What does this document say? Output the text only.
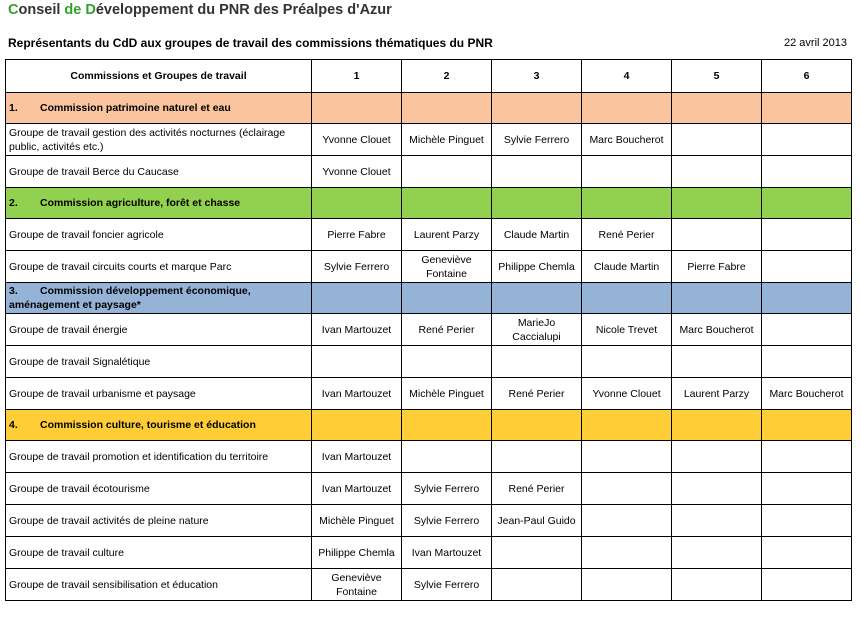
Conseil de Développement du PNR des Préalpes d'Azur
Représentants du CdD aux groupes de travail des commissions thématiques du PNR	22 avril 2013
Commissions et Groupes de travail	1	2	3	4	5	6
1. Commission patrimoine naturel et eau						
Groupe de travail gestion des activités nocturnes (éclairage public, activités etc.)	Yvonne Clouet	Michèle Pinguet	Sylvie Ferrero	Marc Boucherot		
Groupe de travail Berce du Caucase	Yvonne Clouet					
2. Commission agriculture, forêt et chasse						
Groupe de travail foncier agricole	Pierre Fabre	Laurent Parzy	Claude Martin	René Perier		
Groupe de travail circuits courts et marque Parc	Sylvie Ferrero	Geneviève Fontaine	Philippe Chemla	Claude Martin	Pierre Fabre	
3. Commission développement économique, aménagement et paysage*						
Groupe de travail énergie	Ivan Martouzet	René Perier	MarieJo Caccialupi	Nicole Trevet	Marc Boucherot	
Groupe de travail Signalétique						
Groupe de travail urbanisme et paysage	Ivan Martouzet	Michèle Pinguet	René Perier	Yvonne Clouet	Laurent Parzy	Marc Boucherot
4. Commission culture, tourisme et éducation						
Groupe de travail promotion et identification du territoire	Ivan Martouzet					
Groupe de travail écotourisme	Ivan Martouzet	Sylvie Ferrero	René Perier			
Groupe de travail activités de pleine nature	Michèle Pinguet	Sylvie Ferrero	Jean-Paul Guido			
Groupe de travail culture	Philippe Chemla	Ivan Martouzet				
Groupe de travail sensibilisation et éducation	Geneviève Fontaine	Sylvie Ferrero				
